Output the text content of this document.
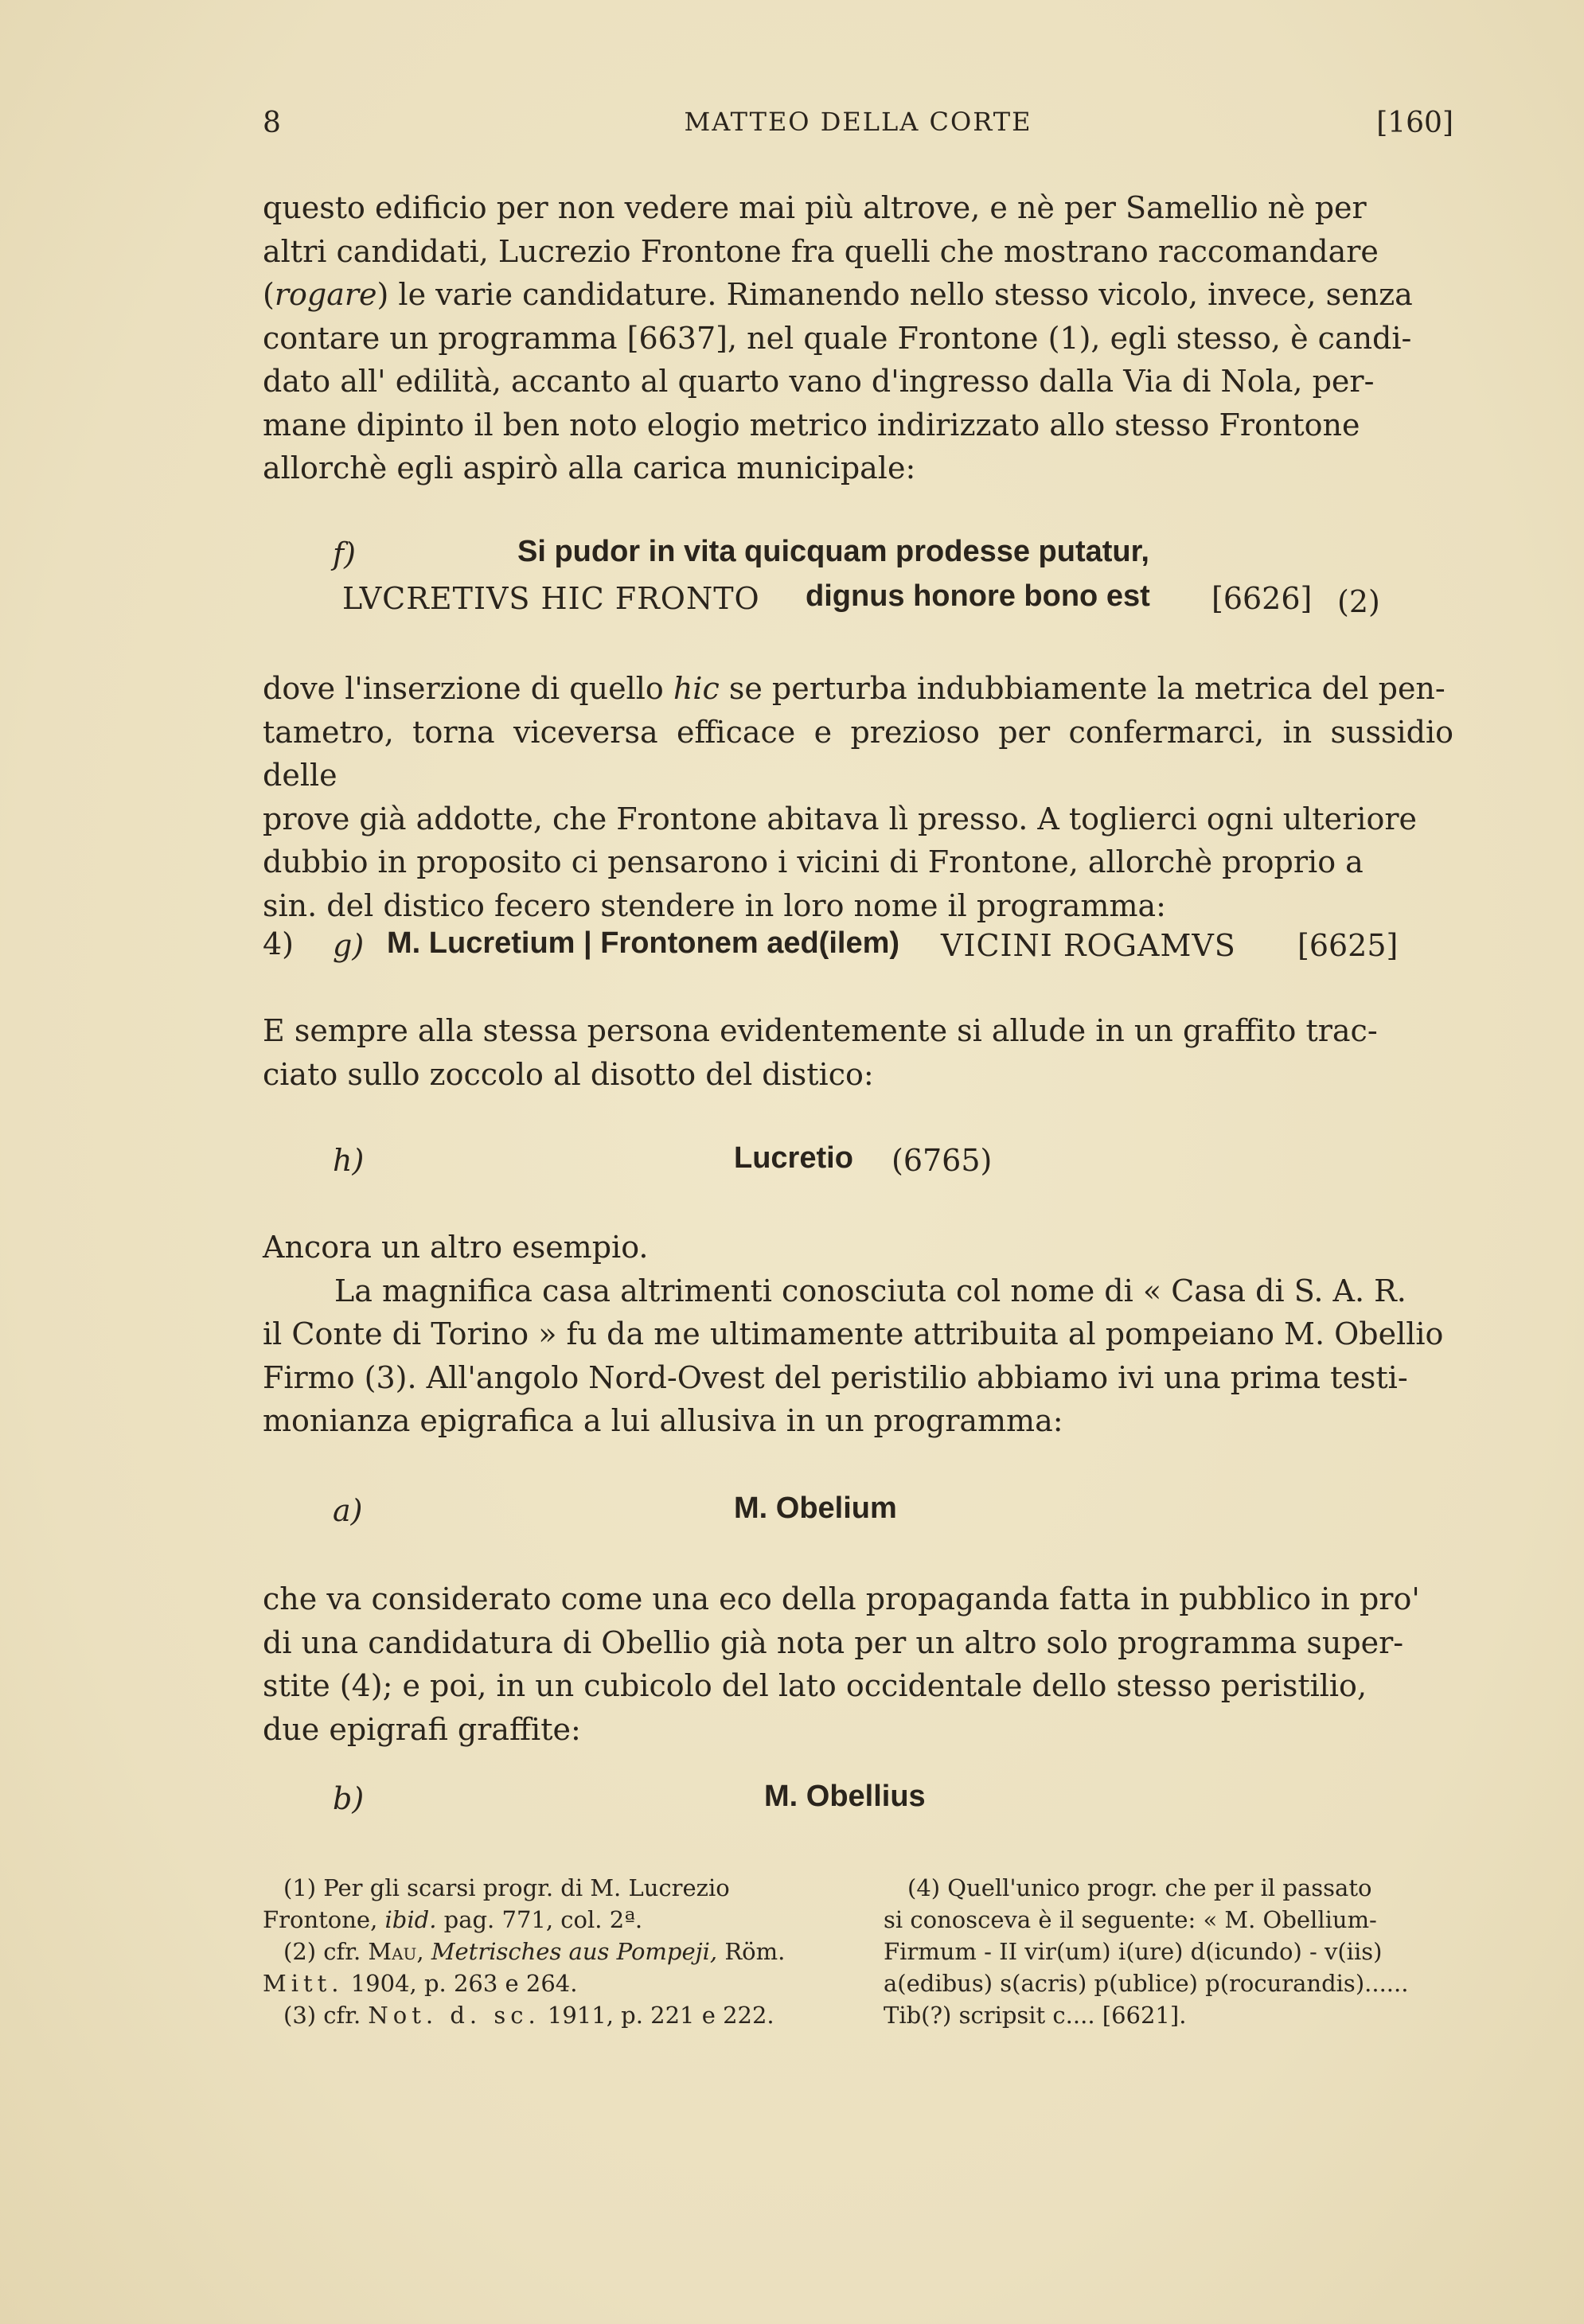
8	MATTEO DELLA CORTE	[160]

questo edificio per non vedere mai più altrove, e nè per Samellio nè per

altri candidati, Lucrezio Frontone fra quelli che mostrano raccomandare

(rogare) le varie candidature. Rimanendo nello stesso vicolo, invece, senza

contare un programma [6637], nel quale Frontone (1), egli stesso, è candi-

dato all' edilità, accanto al quarto vano d'ingresso dalla Via di Nola, per-

mane dipinto il ben noto elogio metrico indirizzato allo stesso Frontone

allorchè egli aspirò alla carica municipale:

f)	Si pudor in vita quicquam prodesse putatur,
LVCRETIVS HIC FRONTO dignus honore bono est [6626] (2)

dove l'inserzione di quello hic se perturba indubbiamente la metrica del pen-

tametro, torna viceversa efficace e prezioso per confermarci, in sussidio delle

prove già addotte, che Frontone abitava lì presso. A toglierci ogni ulteriore

dubbio in proposito ci pensarono i vicini di Frontone, allorchè proprio a

sin. del distico fecero stendere in loro nome il programma:

4) g) M. Lucretium | Frontonem aed(ilem) VICINI ROGAMVS [6625]

E sempre alla stessa persona evidentemente si allude in un graffito trac-

ciato sullo zoccolo al disotto del distico:

h)	Lucretio (6765)

Ancora un altro esempio.

La magnifica casa altrimenti conosciuta col nome di « Casa di S. A. R.

il Conte di Torino » fu da me ultimamente attribuita al pompeiano M. Obellio

Firmo (3). All'angolo Nord-Ovest del peristilio abbiamo ivi una prima testi-

monianza epigrafica a lui allusiva in un programma:

a)	M. Obelium

che va considerato come una eco della propaganda fatta in pubblico in pro'

di una candidatura di Obellio già nota per un altro solo programma super-

stite (4); e poi, in un cubicolo del lato occidentale dello stesso peristilio,

due epigrafi graffite:

b)	M. Obellius

(1) Per gli scarsi progr. di M. Lucrezio

Frontone, ibid. pag. 771, col. 2ª.

(2) cfr. Mau, Metrisches aus Pompeji, Röm.

Mitt. 1904, p. 263 e 264.

(3) cfr. Not. d. sc. 1911, p. 221 e 222.

(4) Quell'unico progr. che per il passato

si conosceva è il seguente: « M. Obellium-

Firmum - II vir(um) i(ure) d(icundo) - v(iis)

a(edibus) s(acris) p(ublice) p(rocurandis)......

Tib(?) scripsit c.... [6621].
